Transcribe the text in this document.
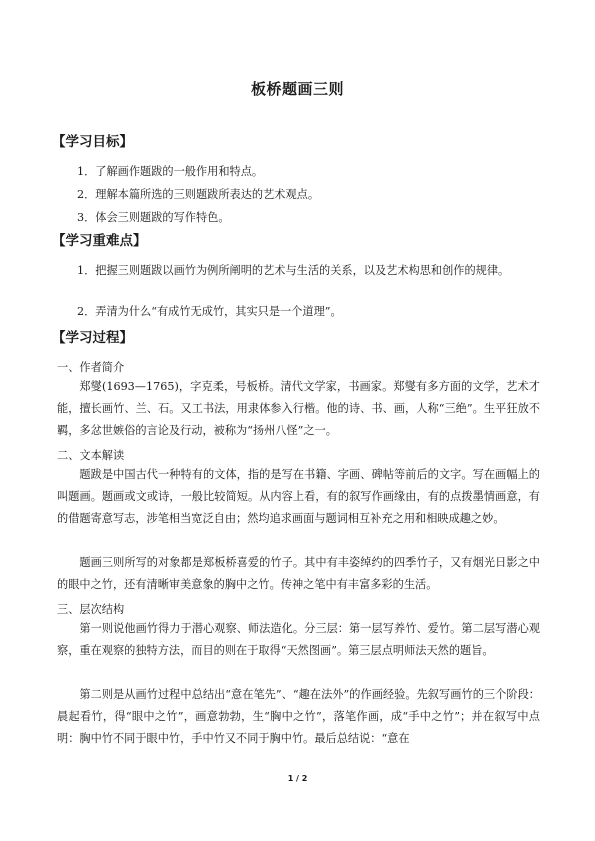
板桥题画三则
【学习目标】
1．了解画作题跋的一般作用和特点。
2．理解本篇所选的三则题跋所表达的艺术观点。
3．体会三则题跋的写作特色。
【学习重难点】
1．把握三则题跋以画竹为例所阐明的艺术与生活的关系，以及艺术构思和创作的规律。
2．弄清为什么“有成竹无成竹，其实只是一个道理”。
【学习过程】
一、作者简介
郑燮(1693—1765)，字克柔，号板桥。清代文学家，书画家。郑燮有多方面的文学，艺术才能，擅长画竹、兰、石。又工书法，用隶体参入行楷。他的诗、书、画，人称“三绝”。生平狂放不羁，多忿世嫉俗的言论及行动，被称为“扬州八怪”之一。
二、文本解读
题跋是中国古代一种特有的文体，指的是写在书籍、字画、碑帖等前后的文字。写在画幅上的叫题画。题画或文或诗，一般比较简短。从内容上看，有的叙写作画缘由，有的点拨墨情画意，有的借题寄意写志，涉笔相当宽泛自由；然均追求画面与题词相互补充之用和相映成趣之妙。
题画三则所写的对象都是郑板桥喜爱的竹子。其中有丰姿绰约的四季竹子，又有烟光日影之中的眼中之竹，还有清晰审美意象的胸中之竹。传神之笔中有丰富多彩的生活。
三、层次结构
第一则说他画竹得力于潜心观察、师法造化。分三层：第一层写养竹、爱竹。第二层写潜心观察，重在观察的独特方法，而目的则在于取得“天然图画”。第三层点明师法天然的题旨。
第二则是从画竹过程中总结出“意在笔先”、“趣在法外”的作画经验。先叙写画竹的三个阶段：晨起看竹，得“眼中之竹”，画意勃勃，生“胸中之竹”，落笔作画，成“手中之竹”；并在叙写中点明：胸中竹不同于眼中竹，手中竹又不同于胸中竹。最后总结说：“意在
1 / 2
